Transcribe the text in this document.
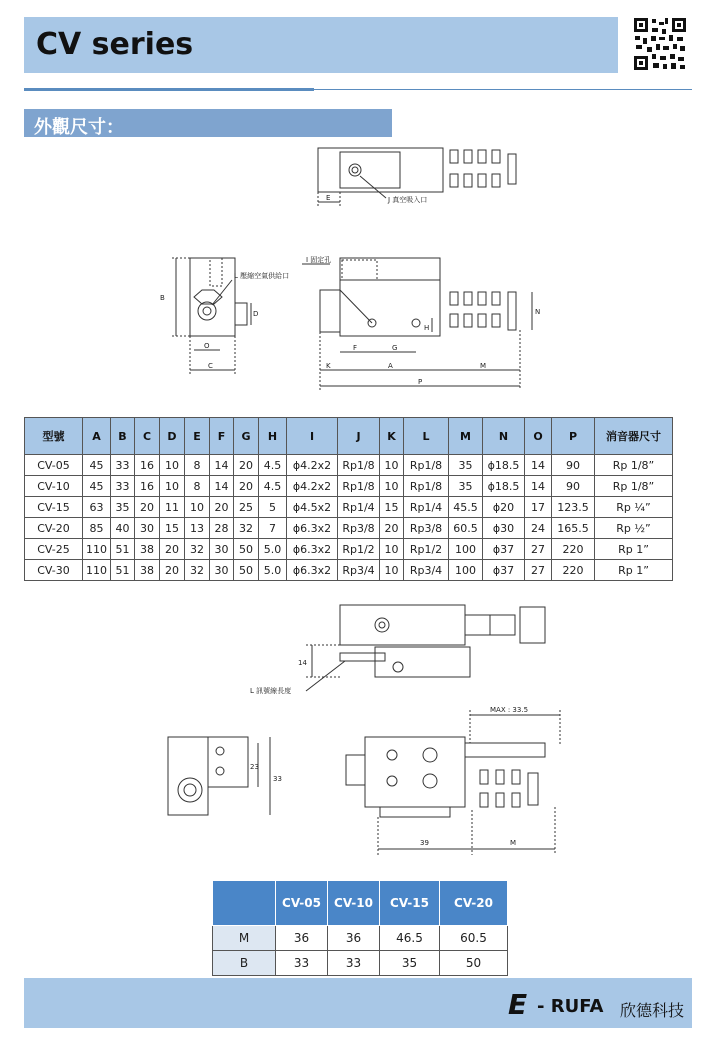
CV series
外觀尺寸：
E	J 真空吸入口
B
D
O
C
L 壓縮空氣供給口
I 固定孔
N
H
F	G
K	A	M
P
型號	A	B	C	D	E	F	G	H	I	J	K	L	M	N	O	P	消音器尺寸
CV-05	45	33	16	10	8	14	20	4.5	ϕ4.2x2	Rp1/8	10	Rp1/8	35	ϕ18.5	14	90	Rp 1/8”
CV-10	45	33	16	10	8	14	20	4.5	ϕ4.2x2	Rp1/8	10	Rp1/8	35	ϕ18.5	14	90	Rp 1/8”
CV-15	63	35	20	11	10	20	25	5	ϕ4.5x2	Rp1/4	15	Rp1/4	45.5	ϕ20	17	123.5	Rp ¼”
CV-20	85	40	30	15	13	28	32	7	ϕ6.3x2	Rp3/8	20	Rp3/8	60.5	ϕ30	24	165.5	Rp ½”
CV-25	110	51	38	20	32	30	50	5.0	ϕ6.3x2	Rp1/2	10	Rp1/2	100	ϕ37	27	220	Rp 1”
CV-30	110	51	38	20	32	30	50	5.0	ϕ6.3x2	Rp3/4	10	Rp3/4	100	ϕ37	27	220	Rp 1”
14
L 訊號線長度
23
33
MAX : 33.5
39	M
	CV-05	CV-10	CV-15	CV-20
M	36	36	46.5	60.5
B	33	33	35	50
E - RUFA 欣德科技
